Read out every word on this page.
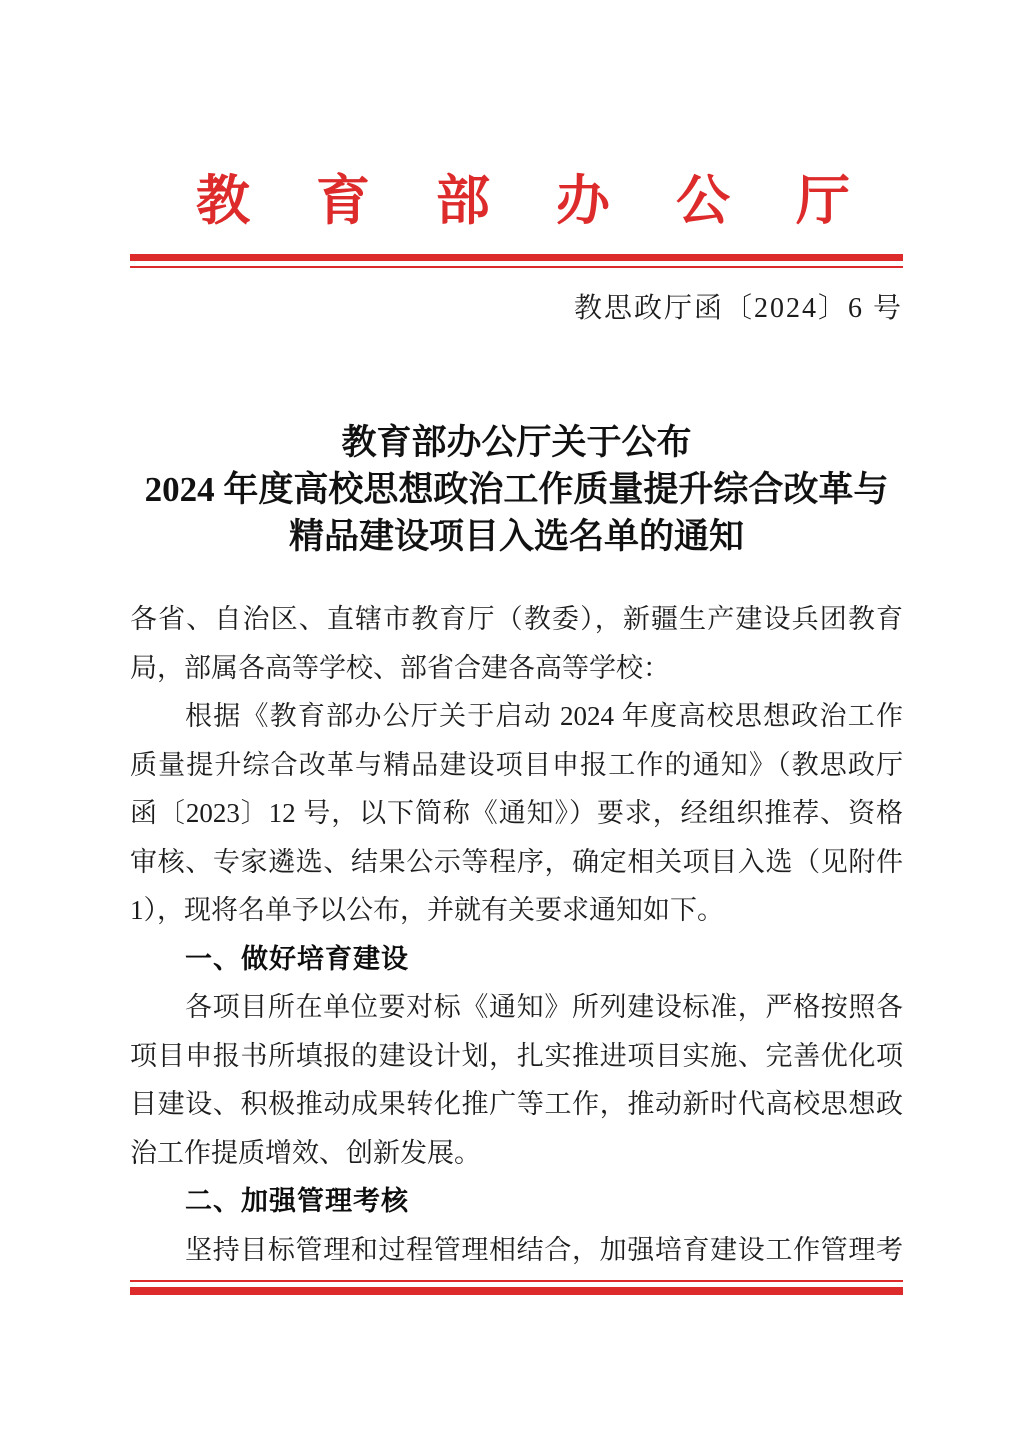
教育部办公厅
教思政厅函〔2024〕6 号
教育部办公厅关于公布
2024 年度高校思想政治工作质量提升综合改革与
精品建设项目入选名单的通知
各省、自治区、直辖市教育厅（教委），新疆生产建设兵团教育
局，部属各高等学校、部省合建各高等学校：
根据《教育部办公厅关于启动 2024 年度高校思想政治工作
质量提升综合改革与精品建设项目申报工作的通知》（教思政厅
函〔2023〕12 号，以下简称《通知》）要求，经组织推荐、资格
审核、专家遴选、结果公示等程序，确定相关项目入选（见附件
1），现将名单予以公布，并就有关要求通知如下。
一、做好培育建设
各项目所在单位要对标《通知》所列建设标准，严格按照各
项目申报书所填报的建设计划，扎实推进项目实施、完善优化项
目建设、积极推动成果转化推广等工作，推动新时代高校思想政
治工作提质增效、创新发展。
二、加强管理考核
坚持目标管理和过程管理相结合，加强培育建设工作管理考
